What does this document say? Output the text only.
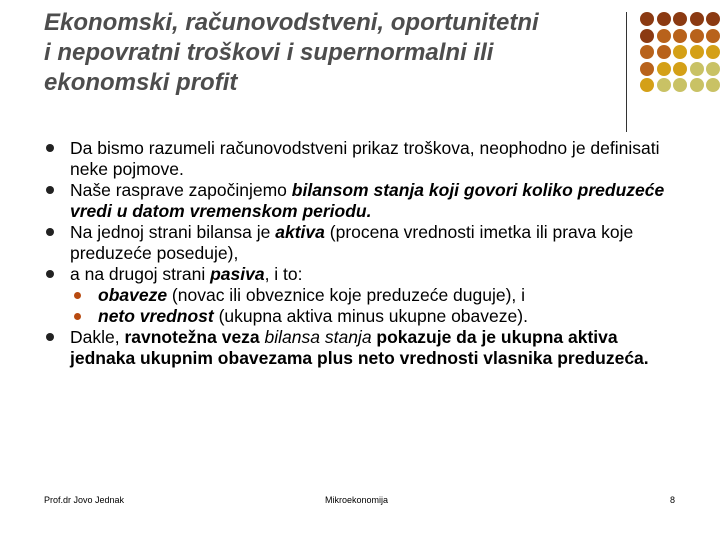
Ekonomski, računovodstveni, oportunitetni
i nepovratni troškovi i supernormalni ili
ekonomski profit
Da bismo razumeli računovodstveni prikaz troškova, neophodno je definisati neke pojmove.
Naše rasprave započinjemo bilansom stanja koji govori koliko preduzeće vredi u datom vremenskom periodu.
Na jednoj strani bilansa je aktiva (procena vrednosti imetka ili prava koje preduzeće poseduje),
a na drugoj strani pasiva, i to:
obaveze (novac ili obveznice koje preduzeće duguje), i
neto vrednost (ukupna aktiva minus ukupne obaveze).
Dakle, ravnotežna veza bilansa stanja pokazuje da je ukupna aktiva jednaka ukupnim obavezama plus neto vrednosti vlasnika preduzeća.
Prof.dr Jovo Jednak	Mikroekonomija	8
